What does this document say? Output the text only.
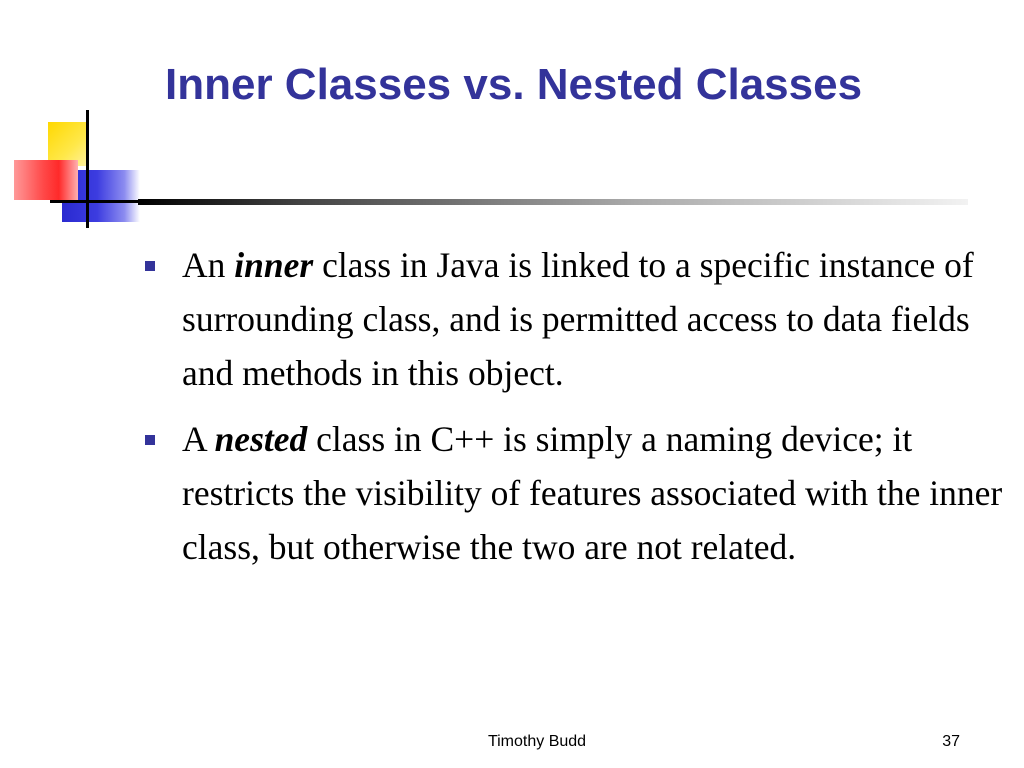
Inner Classes vs. Nested Classes
An inner class in Java is linked to a specific instance of surrounding class, and is permitted access to data fields and methods in this object.
A nested class in C++ is simply a naming device; it restricts the visibility of features associated with the inner class, but otherwise the two are not related.
Timothy Budd	37
